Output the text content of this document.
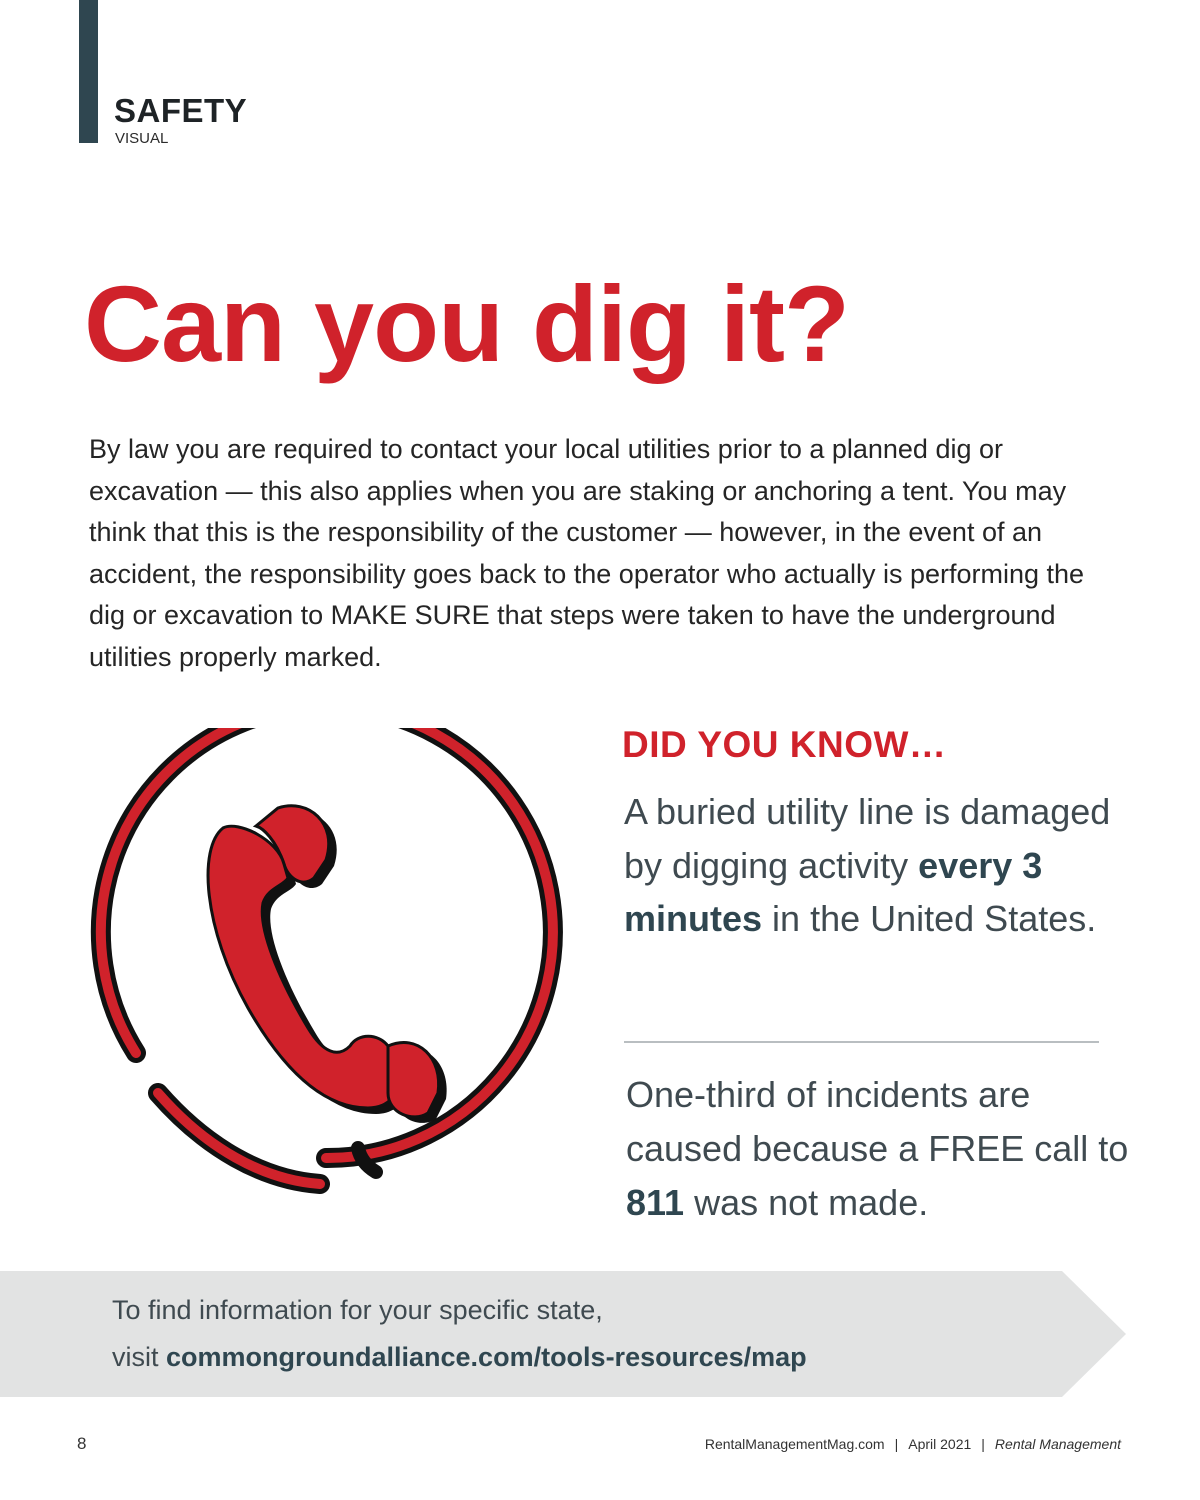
SAFETY
VISUAL
Can you dig it?

By law you are required to contact your local utilities prior to a planned dig or excavation — this also applies when you are staking or anchoring a tent. You may think that this is the responsibility of the customer — however, in the event of an accident, the responsibility goes back to the operator who actually is performing the dig or excavation to MAKE SURE that steps were taken to have the underground utilities properly marked.

DID YOU KNOW…

A buried utility line is damaged by digging activity every 3 minutes in the United States.

One-third of incidents are caused because a FREE call to 811 was not made.

To find information for your specific state,
visit commongroundalliance.com/tools-resources/map
8	RentalManagementMag.com | April 2021 | Rental Management
